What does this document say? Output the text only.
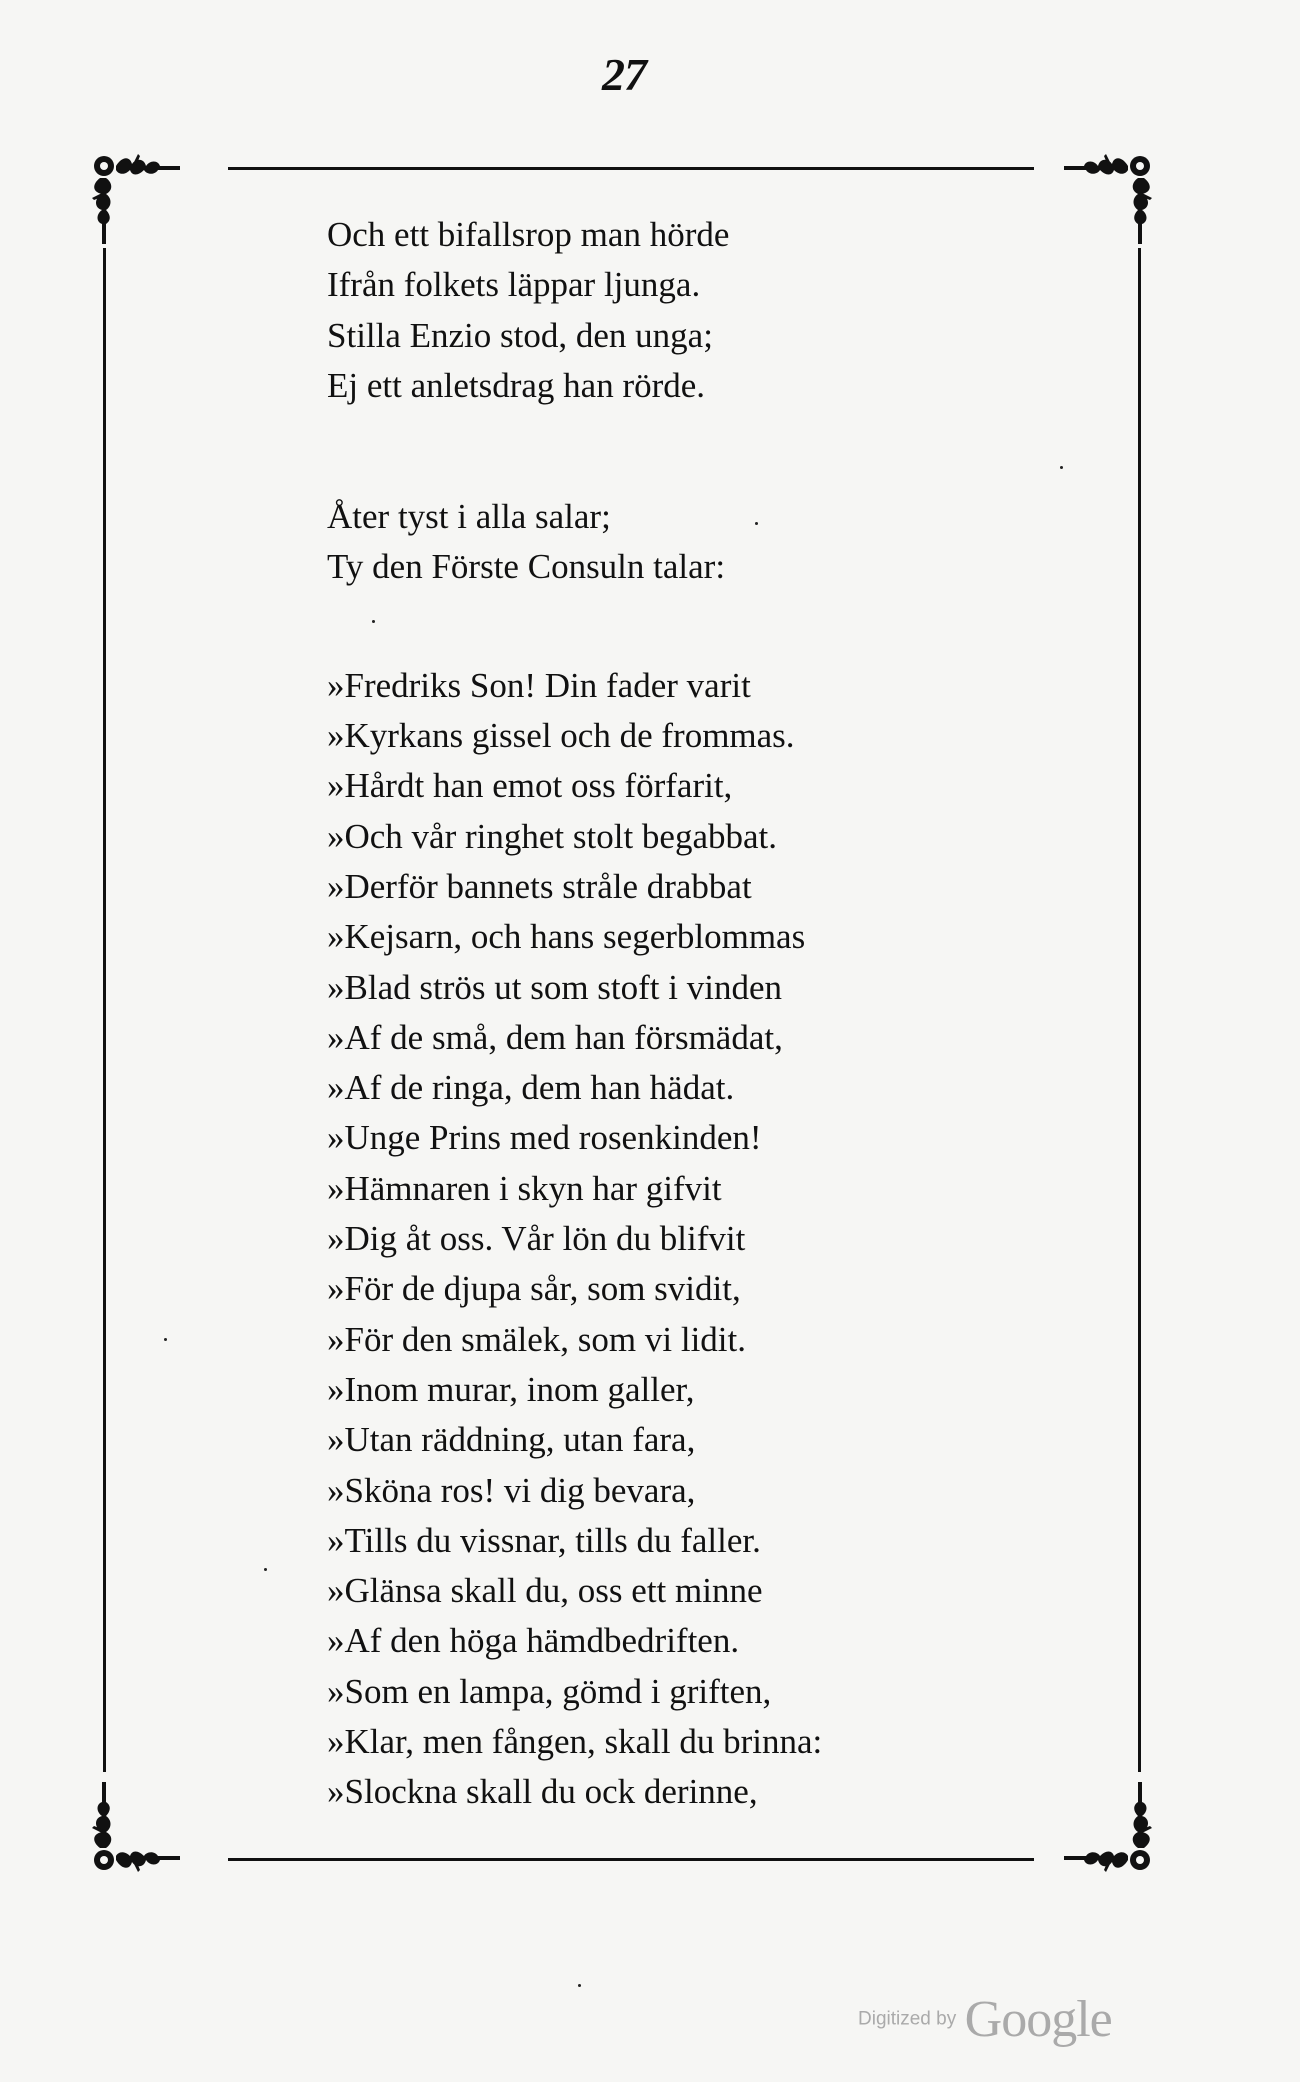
27
Och ett bifallsrop man hörde
Ifrån folkets läppar ljunga.
Stilla Enzio stod, den unga;
Ej ett anletsdrag han rörde.
Åter tyst i alla salar;
Ty den Förste Consuln talar:
»Fredriks Son! Din fader varit
»Kyrkans gissel och de frommas.
»Hårdt han emot oss förfarit,
»Och vår ringhet stolt begabbat.
»Derför bannets stråle drabbat
»Kejsarn, och hans segerblommas
»Blad strös ut som stoft i vinden
»Af de små, dem han försmädat,
»Af de ringa, dem han hädat.
»Unge Prins med rosenkinden!
»Hämnaren i skyn har gifvit
»Dig åt oss. Vår lön du blifvit
»För de djupa sår, som svidit,
»För den smälek, som vi lidit.
»Inom murar, inom galler,
»Utan räddning, utan fara,
»Sköna ros! vi dig bevara,
»Tills du vissnar, tills du faller.
»Glänsa skall du, oss ett minne
»Af den höga hämdbedriften.
»Som en lampa, gömd i griften,
»Klar, men fången, skall du brinna:
»Slockna skall du ock derinne,
Digitized by Google
